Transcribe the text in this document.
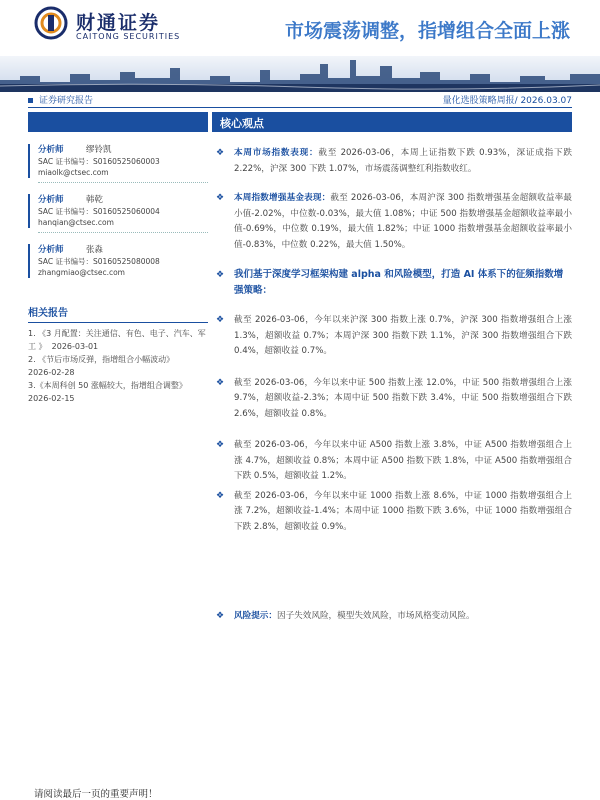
财通证券
CAITONG SECURITIES	市场震荡调整，指增组合全面上涨
证券研究报告	量化选股策略周报/ 2026.03.07
分析师	缪铃凯
SAC 证书编号：S0160525060003
miaolk@ctsec.com
分析师	韩乾
SAC 证书编号：S0160525060004
hanqian@ctsec.com
分析师	张淼
SAC 证书编号：S0160525080008
zhangmiao@ctsec.com
相关报告
1. 《3 月配置：关注通信、有色、电子、汽车、军工 》 2026-03-01
2. 《节后市场反弹，指增组合小幅波动》
2026-02-28
3.《本周科创 50 涨幅较大，指增组合调整》
2026-02-15
核心观点
❖ 本周市场指数表现：截至 2026-03-06，本周上证指数下跌 0.93%，深证成指下跌 2.22%，沪深 300 下跌 1.07%，市场震荡调整红利指数收红。
❖ 本周指数增强基金表现：截至 2026-03-06，本周沪深 300 指数增强基金超额收益率最小值-2.02%，中位数-0.03%，最大值 1.08%；中证 500 指数增强基金超额收益率最小值-0.69%，中位数 0.19%，最大值 1.82%；中证 1000 指数增强基金超额收益率最小值-0.83%，中位数 0.22%，最大值 1.50%。
❖ 我们基于深度学习框架构建 alpha 和风险模型，打造 AI 体系下的征频指数增强策略：
❖ 截至 2026-03-06，今年以来沪深 300 指数上涨 0.7%，沪深 300 指数增强组合上涨 1.3%，超额收益 0.7%；本周沪深 300 指数下跌 1.1%，沪深 300 指数增强组合下跌 0.4%，超额收益 0.7%。
❖ 截至 2026-03-06，今年以来中证 500 指数上涨 12.0%，中证 500 指数增强组合上涨 9.7%，超额收益-2.3%；本周中证 500 指数下跌 3.4%，中证 500 指数增强组合下跌 2.6%，超额收益 0.8%。
❖ 截至 2026-03-06，今年以来中证 A500 指数上涨 3.8%，中证 A500 指数增强组合上涨 4.7%，超额收益 0.8%；本周中证 A500 指数下跌 1.8%，中证 A500 指数增强组合下跌 0.5%，超额收益 1.2%。
❖ 截至 2026-03-06，今年以来中证 1000 指数上涨 8.6%，中证 1000 指数增强组合上涨 7.2%，超额收益-1.4%；本周中证 1000 指数下跌 3.6%，中证 1000 指数增强组合下跌 2.8%，超额收益 0.9%。
❖ 风险提示：因子失效风险，模型失效风险，市场风格变动风险。
请阅读最后一页的重要声明！
